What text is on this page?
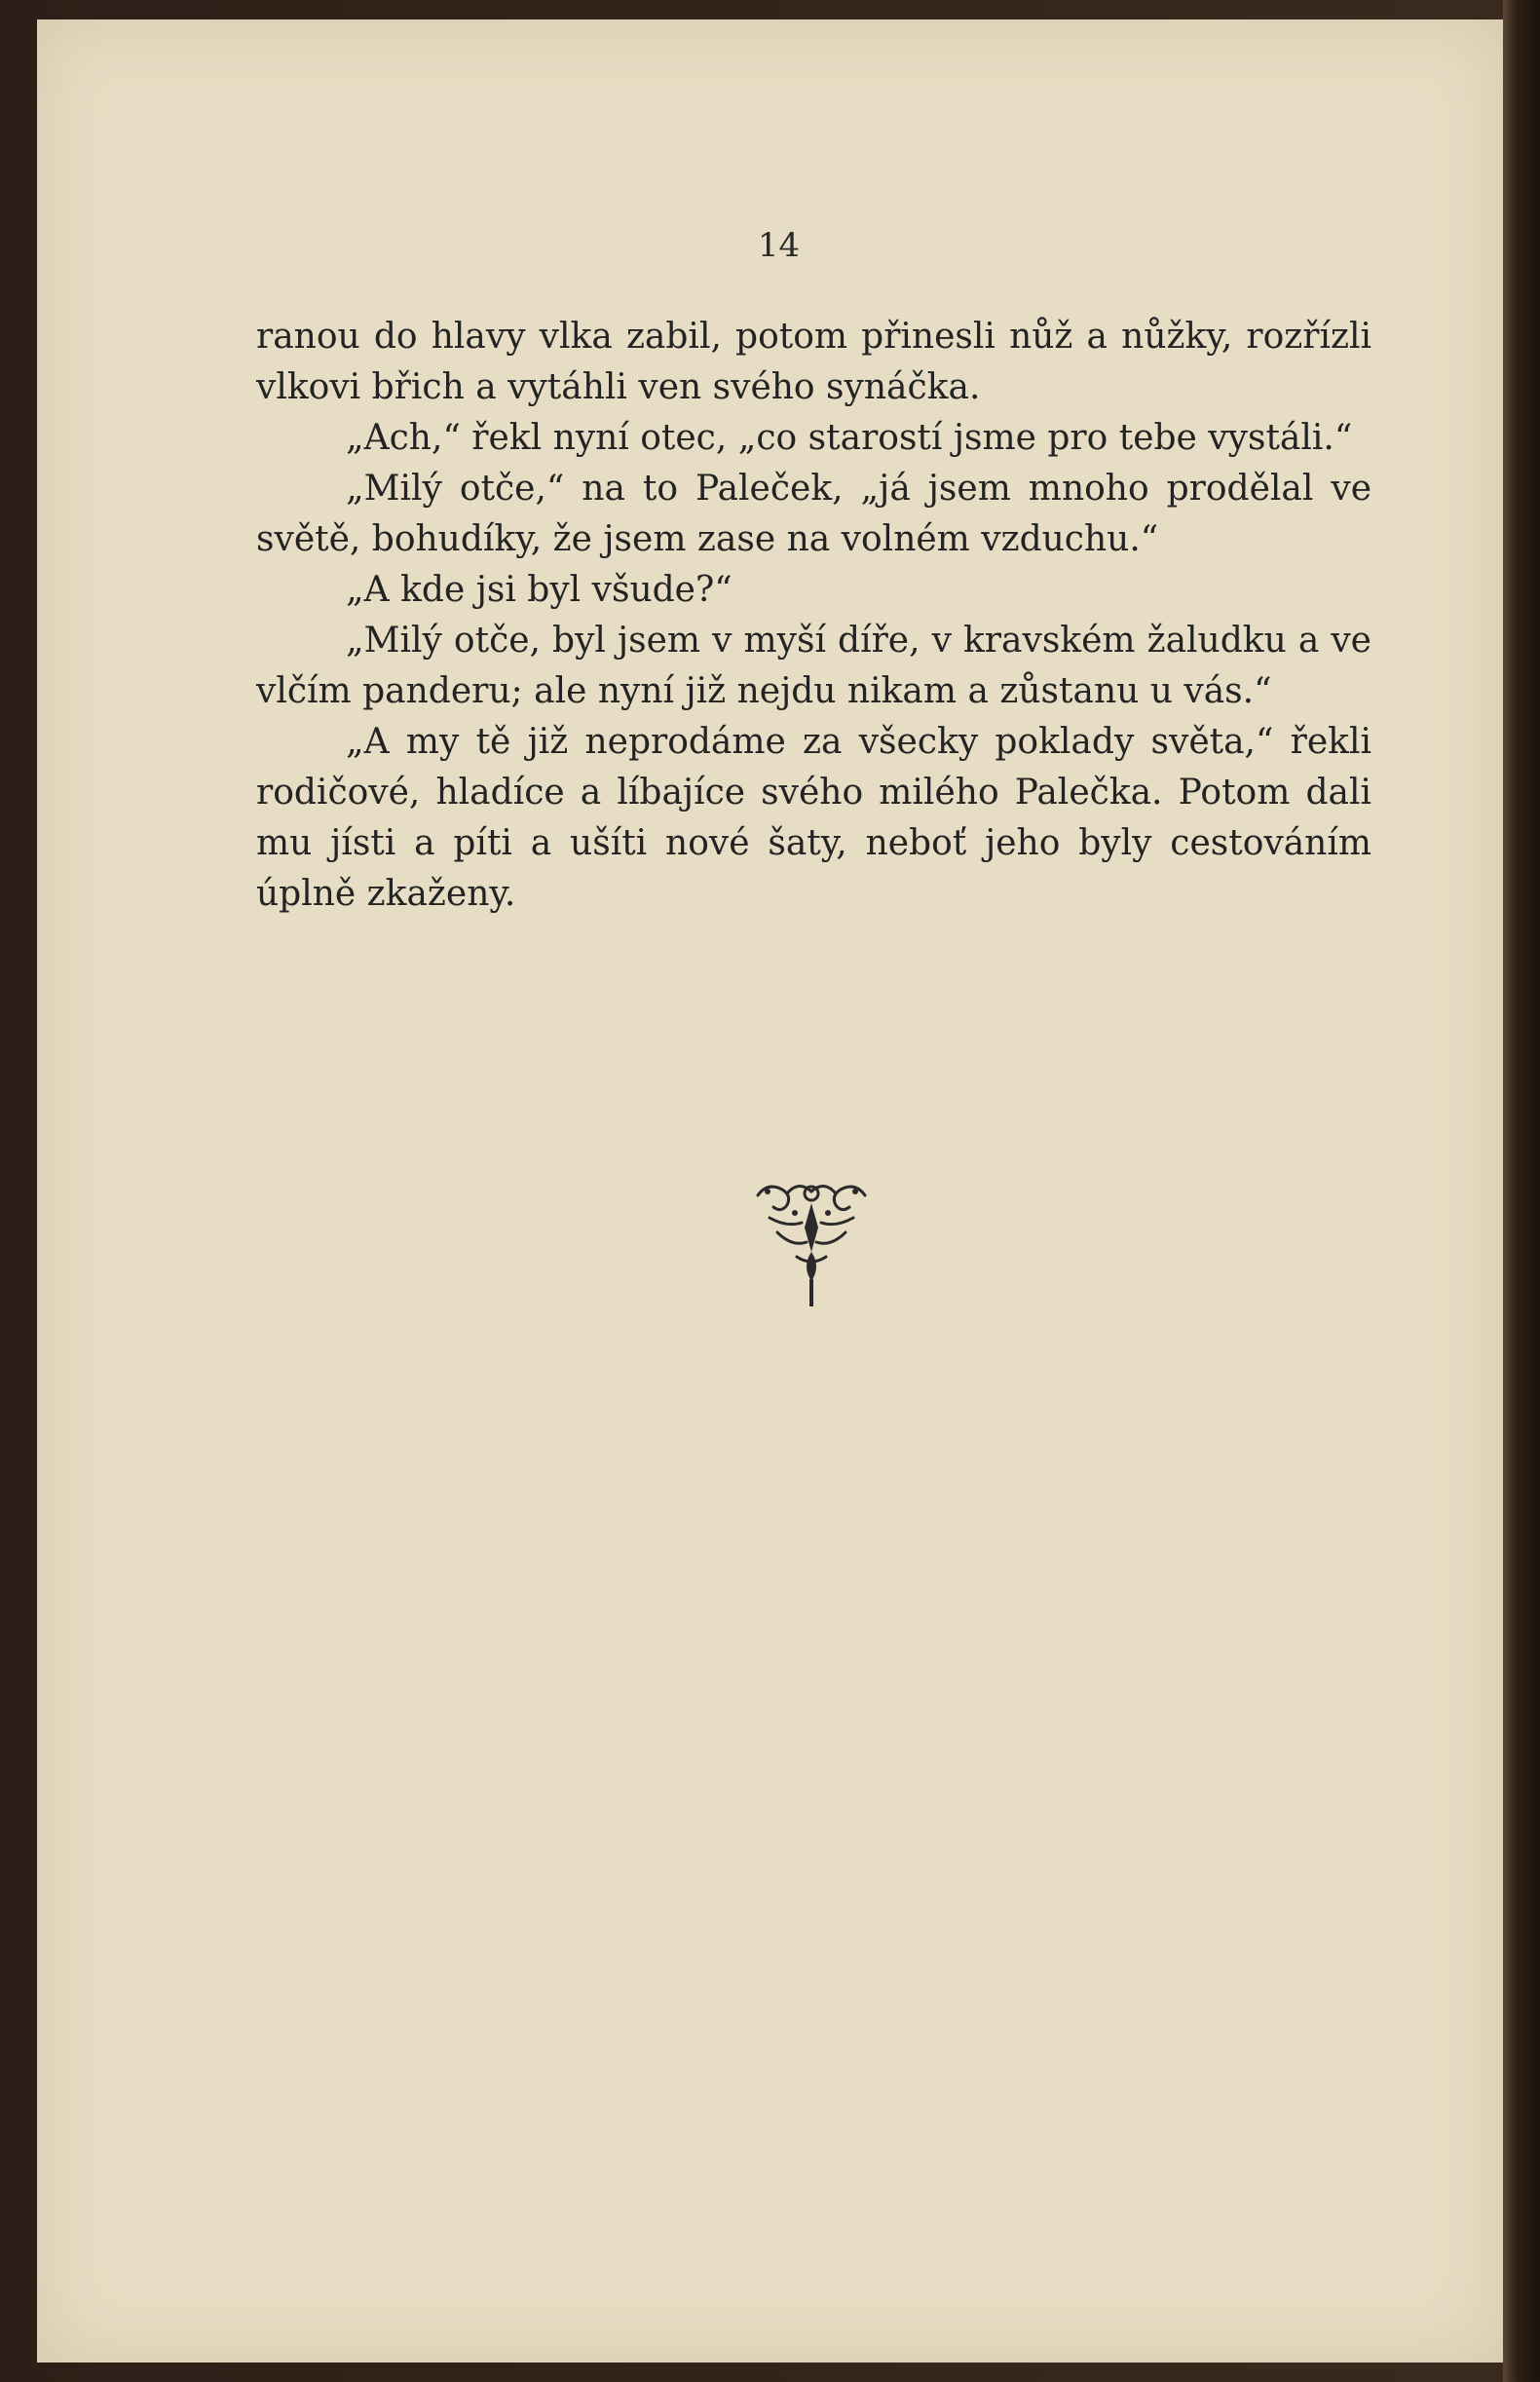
14

ranou do hlavy vlka zabil, potom přinesli nůž a nůžky, rozřízli vlkovi břich a vytáhli ven svého synáčka.

„Ach,“ řekl nyní otec, „co starostí jsme pro tebe vystáli.“

„Milý otče,“ na to Paleček, „já jsem mnoho prodělal ve světě, bohudíky, že jsem zase na volném vzduchu.“

„A kde jsi byl všude?“

„Milý otče, byl jsem v myší díře, v kravském žaludku a ve vlčím panderu; ale nyní již nejdu nikam a zůstanu u vás.“

„A my tě již neprodáme za všecky poklady světa,“ řekli rodičové, hladíce a líbajíce svého milého Palečka. Potom dali mu jísti a píti a ušíti nové šaty, neboť jeho byly cestováním úplně zkaženy.
